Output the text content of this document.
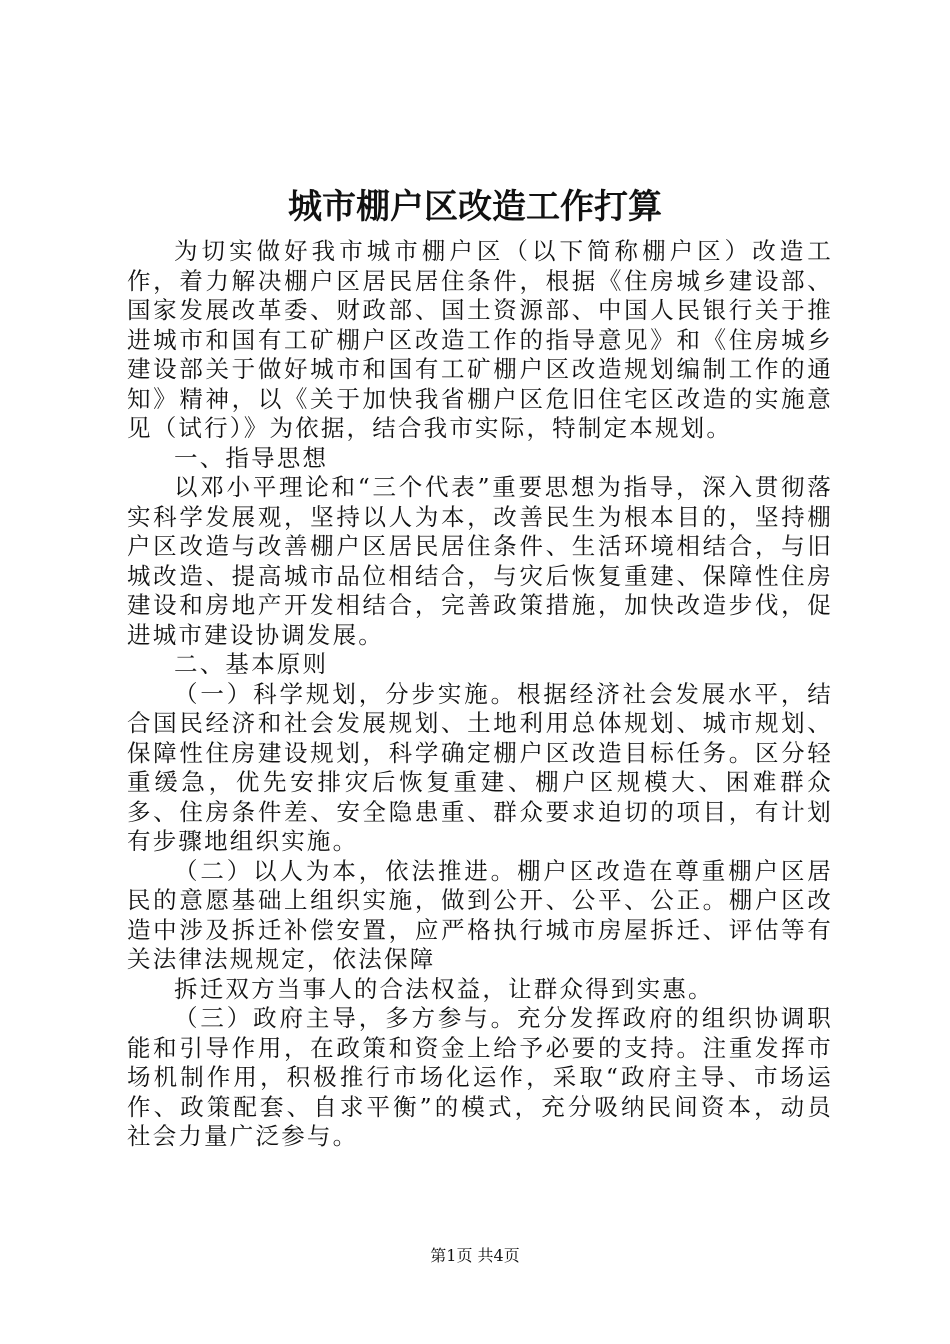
城市棚户区改造工作打算

为切实做好我市城市棚户区（以下简称棚户区）改造工作，着力解决棚户区居民居住条件，根据《住房城乡建设部、国家发展改革委、财政部、国土资源部、中国人民银行关于推进城市和国有工矿棚户区改造工作的指导意见》和《住房城乡建设部关于做好城市和国有工矿棚户区改造规划编制工作的通知》精神，以《关于加快我省棚户区危旧住宅区改造的实施意见（试行）》为依据，结合我市实际，特制定本规划。

一、指导思想

以邓小平理论和“三个代表”重要思想为指导，深入贯彻落实科学发展观，坚持以人为本，改善民生为根本目的，坚持棚户区改造与改善棚户区居民居住条件、生活环境相结合，与旧城改造、提高城市品位相结合，与灾后恢复重建、保障性住房建设和房地产开发相结合，完善政策措施，加快改造步伐，促进城市建设协调发展。

二、基本原则

（一）科学规划，分步实施。根据经济社会发展水平，结合国民经济和社会发展规划、土地利用总体规划、城市规划、保障性住房建设规划，科学确定棚户区改造目标任务。区分轻重缓急，优先安排灾后恢复重建、棚户区规模大、困难群众多、住房条件差、安全隐患重、群众要求迫切的项目，有计划有步骤地组织实施。

（二）以人为本，依法推进。棚户区改造在尊重棚户区居民的意愿基础上组织实施，做到公开、公平、公正。棚户区改造中涉及拆迁补偿安置，应严格执行城市房屋拆迁、评估等有关法律法规规定，依法保障

拆迁双方当事人的合法权益，让群众得到实惠。

（三）政府主导，多方参与。充分发挥政府的组织协调职能和引导作用，在政策和资金上给予必要的支持。注重发挥市场机制作用，积极推行市场化运作，采取“政府主导、市场运作、政策配套、自求平衡”的模式，充分吸纳民间资本，动员社会力量广泛参与。

第1页 共4页
